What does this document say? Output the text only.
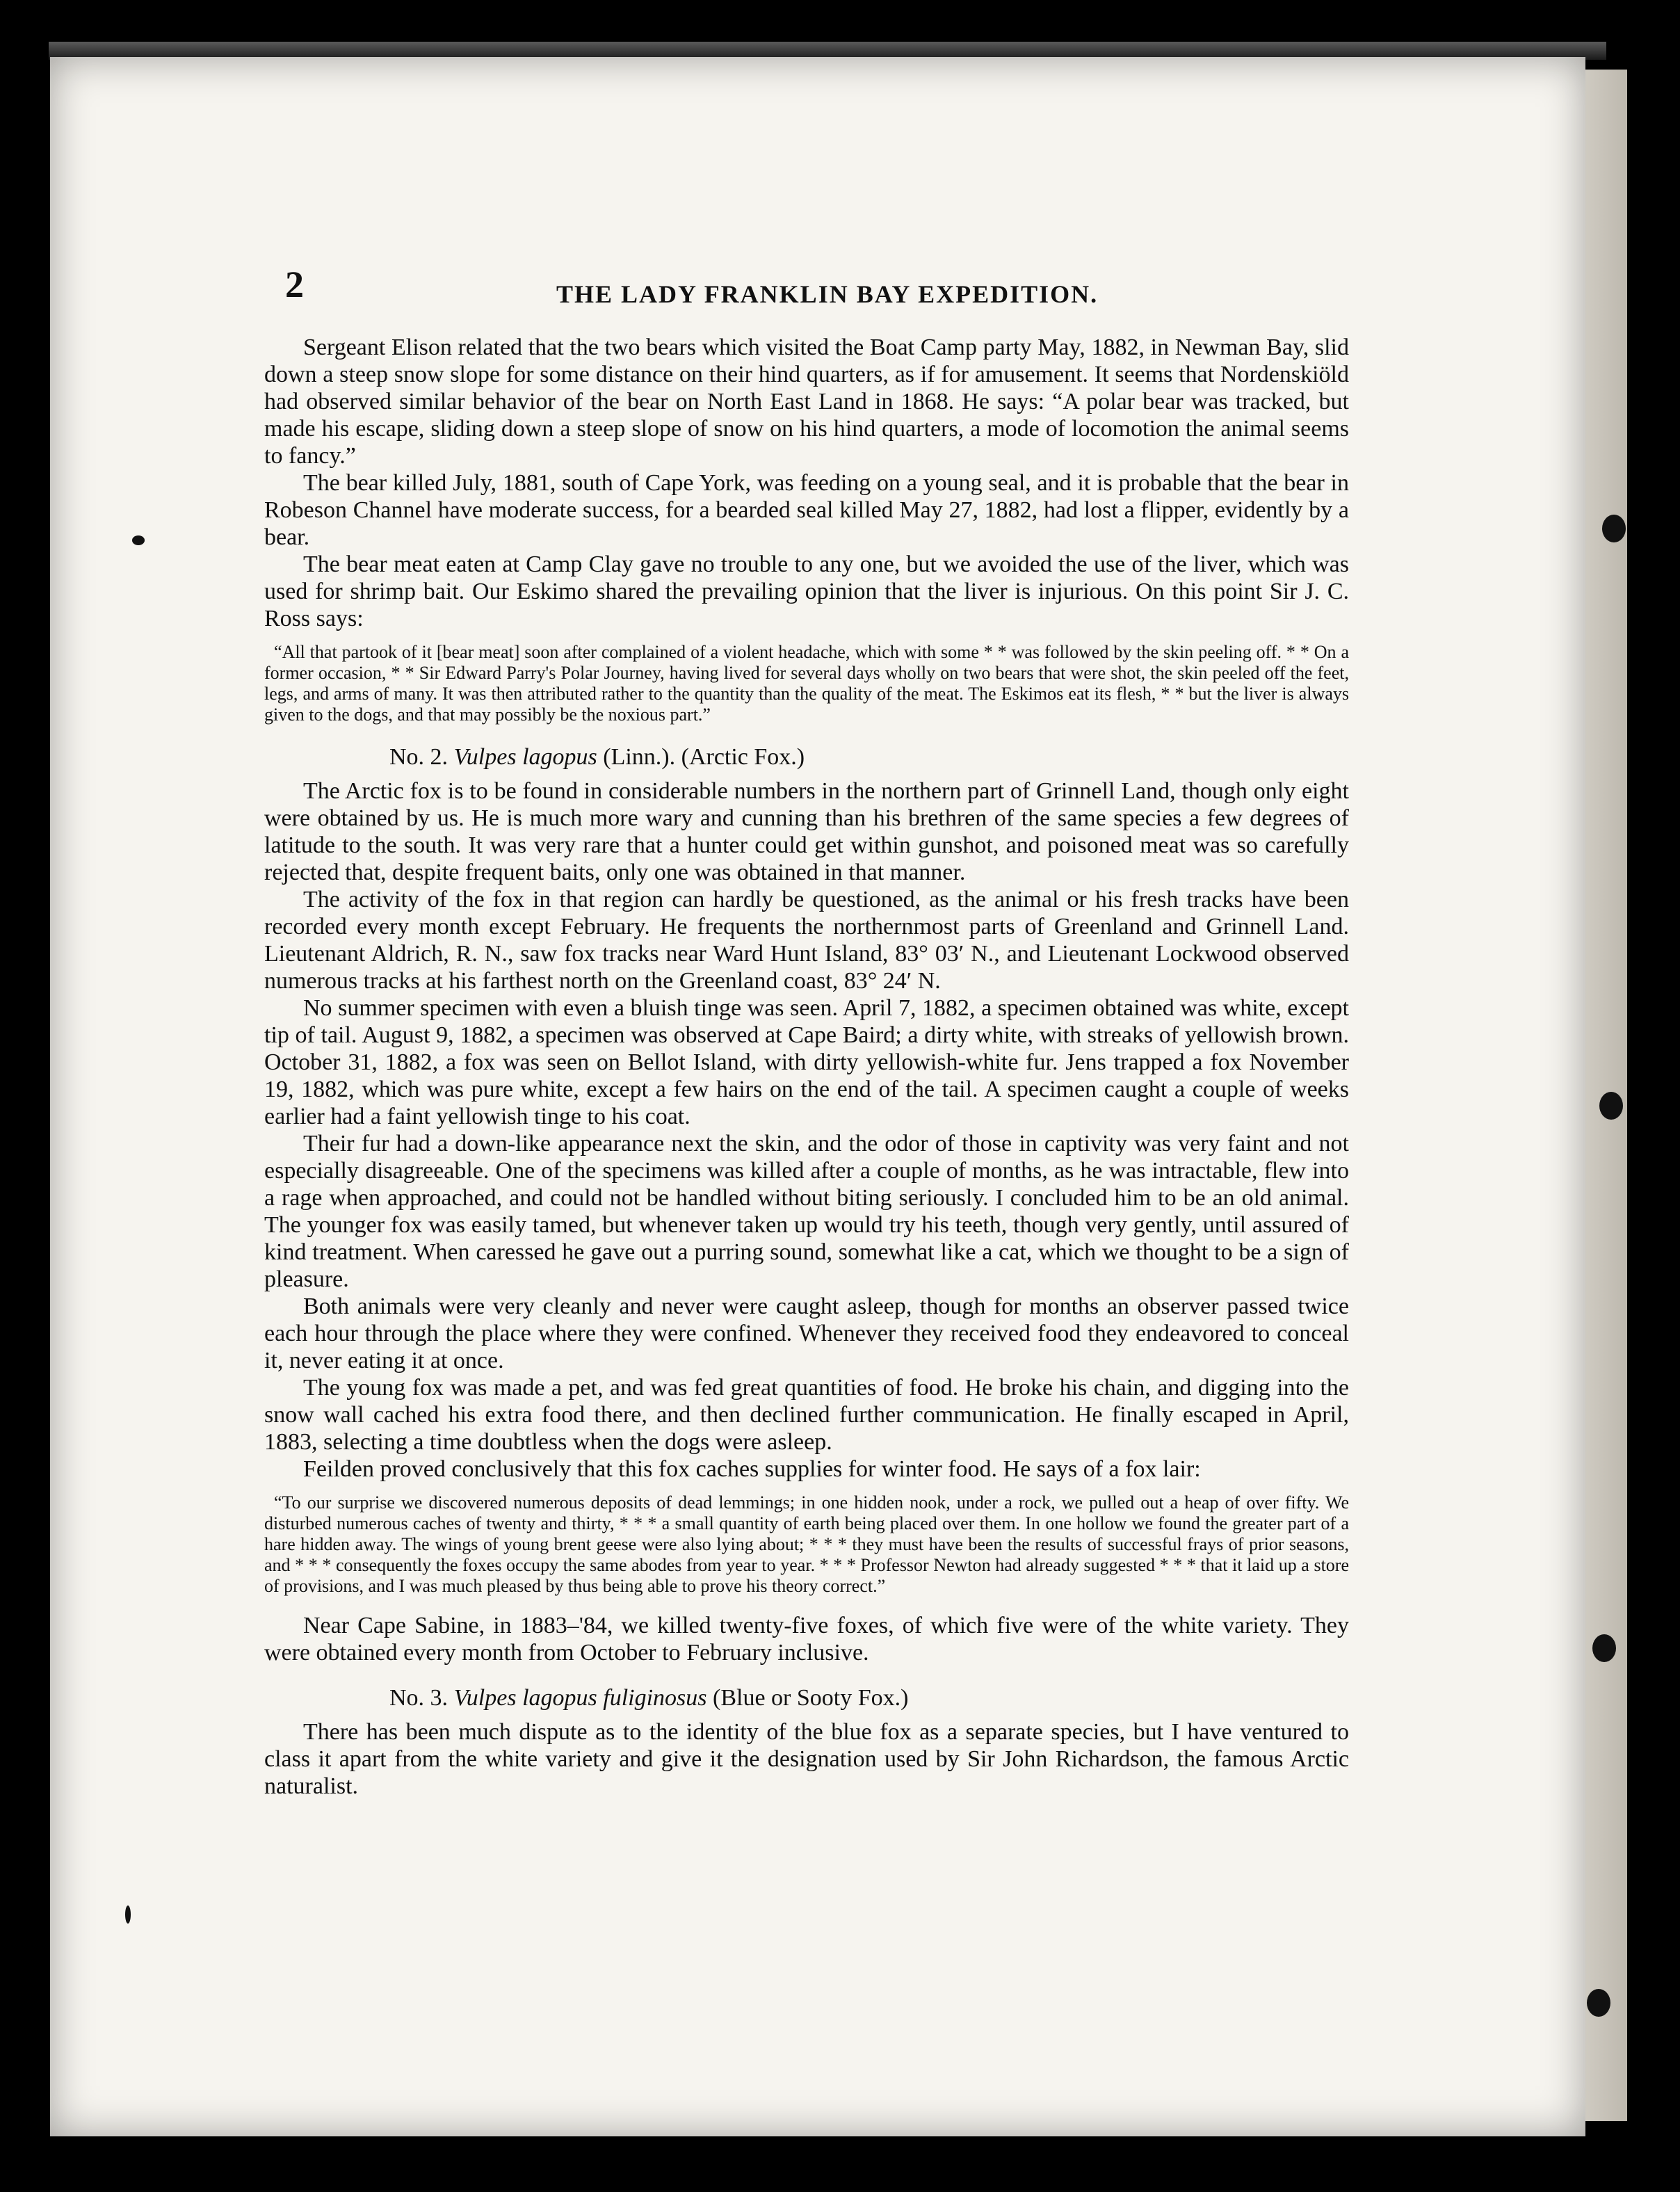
2	THE LADY FRANKLIN BAY EXPEDITION.

Sergeant Elison related that the two bears which visited the Boat Camp party May, 1882, in Newman Bay, slid down a steep snow slope for some distance on their hind quarters, as if for amusement. It seems that Nordenskiöld had observed similar behavior of the bear on North East Land in 1868. He says: “A polar bear was tracked, but made his escape, sliding down a steep slope of snow on his hind quarters, a mode of locomotion the animal seems to fancy.”

The bear killed July, 1881, south of Cape York, was feeding on a young seal, and it is probable that the bear in Robeson Channel have moderate success, for a bearded seal killed May 27, 1882, had lost a flipper, evidently by a bear.

The bear meat eaten at Camp Clay gave no trouble to any one, but we avoided the use of the liver, which was used for shrimp bait. Our Eskimo shared the prevailing opinion that the liver is injurious. On this point Sir J. C. Ross says:

“All that partook of it [bear meat] soon after complained of a violent headache, which with some * * was followed by the skin peeling off. * * On a former occasion, * * Sir Edward Parry's Polar Journey, having lived for several days wholly on two bears that were shot, the skin peeled off the feet, legs, and arms of many. It was then attributed rather to the quantity than the quality of the meat. The Eskimos eat its flesh, * * but the liver is always given to the dogs, and that may possibly be the noxious part.”

No. 2. Vulpes lagopus (Linn.). (Arctic Fox.)

The Arctic fox is to be found in considerable numbers in the northern part of Grinnell Land, though only eight were obtained by us. He is much more wary and cunning than his brethren of the same species a few degrees of latitude to the south. It was very rare that a hunter could get within gunshot, and poisoned meat was so carefully rejected that, despite frequent baits, only one was obtained in that manner.

The activity of the fox in that region can hardly be questioned, as the animal or his fresh tracks have been recorded every month except February. He frequents the northernmost parts of Greenland and Grinnell Land. Lieutenant Aldrich, R. N., saw fox tracks near Ward Hunt Island, 83° 03′ N., and Lieutenant Lockwood observed numerous tracks at his farthest north on the Greenland coast, 83° 24′ N.

No summer specimen with even a bluish tinge was seen. April 7, 1882, a specimen obtained was white, except tip of tail. August 9, 1882, a specimen was observed at Cape Baird; a dirty white, with streaks of yellowish brown. October 31, 1882, a fox was seen on Bellot Island, with dirty yellowish-white fur. Jens trapped a fox November 19, 1882, which was pure white, except a few hairs on the end of the tail. A specimen caught a couple of weeks earlier had a faint yellowish tinge to his coat.

Their fur had a down-like appearance next the skin, and the odor of those in captivity was very faint and not especially disagreeable. One of the specimens was killed after a couple of months, as he was intractable, flew into a rage when approached, and could not be handled without biting seriously. I concluded him to be an old animal. The younger fox was easily tamed, but whenever taken up would try his teeth, though very gently, until assured of kind treatment. When caressed he gave out a purring sound, somewhat like a cat, which we thought to be a sign of pleasure.

Both animals were very cleanly and never were caught asleep, though for months an observer passed twice each hour through the place where they were confined. Whenever they received food they endeavored to conceal it, never eating it at once.

The young fox was made a pet, and was fed great quantities of food. He broke his chain, and digging into the snow wall cached his extra food there, and then declined further communication. He finally escaped in April, 1883, selecting a time doubtless when the dogs were asleep.

Feilden proved conclusively that this fox caches supplies for winter food. He says of a fox lair:

“To our surprise we discovered numerous deposits of dead lemmings; in one hidden nook, under a rock, we pulled out a heap of over fifty. We disturbed numerous caches of twenty and thirty, * * * a small quantity of earth being placed over them. In one hollow we found the greater part of a hare hidden away. The wings of young brent geese were also lying about; * * * they must have been the results of successful frays of prior seasons, and * * * consequently the foxes occupy the same abodes from year to year. * * * Professor Newton had already suggested * * * that it laid up a store of provisions, and I was much pleased by thus being able to prove his theory correct.”

Near Cape Sabine, in 1883–'84, we killed twenty-five foxes, of which five were of the white variety. They were obtained every month from October to February inclusive.

No. 3. Vulpes lagopus fuliginosus (Blue or Sooty Fox.)

There has been much dispute as to the identity of the blue fox as a separate species, but I have ventured to class it apart from the white variety and give it the designation used by Sir John Richardson, the famous Arctic naturalist.
